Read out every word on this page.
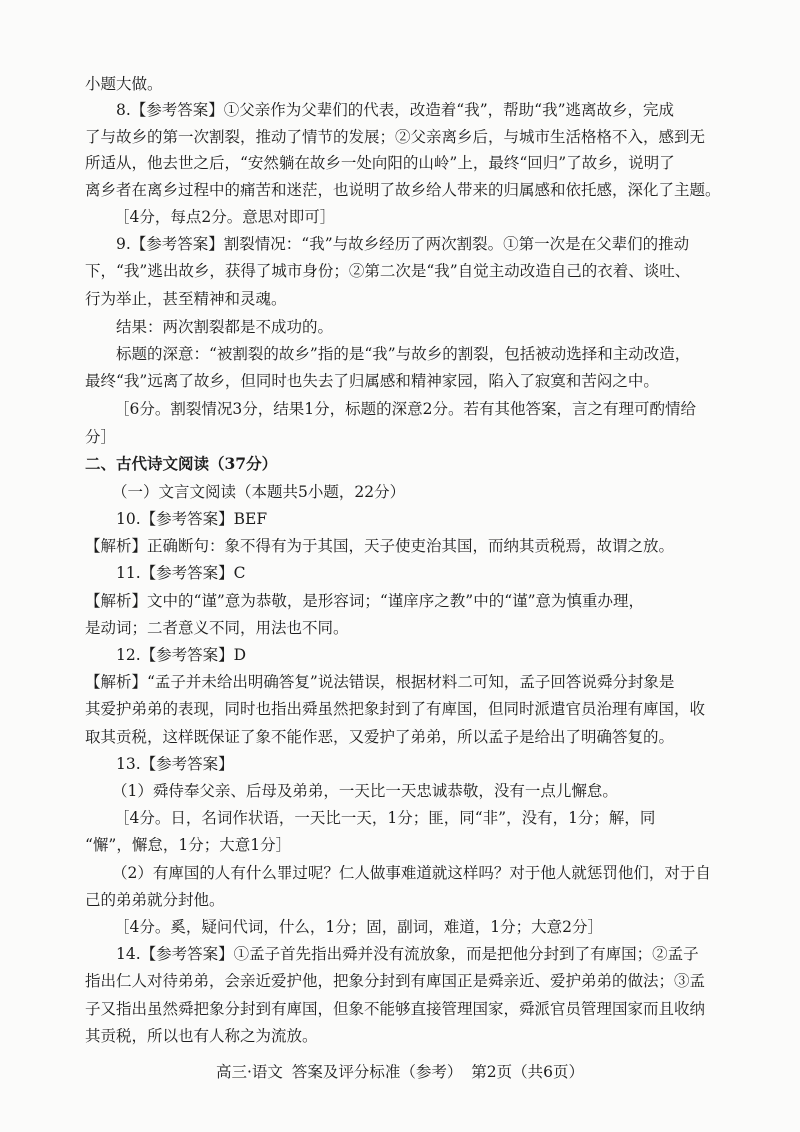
小题大做。
8.【参考答案】①父亲作为父辈们的代表，改造着“我”，帮助“我”逃离故乡，完成
了与故乡的第一次割裂，推动了情节的发展；②父亲离乡后，与城市生活格格不入，感到无
所适从，他去世之后，“安然躺在故乡一处向阳的山岭”上，最终“回归”了故乡，说明了
离乡者在离乡过程中的痛苦和迷茫，也说明了故乡给人带来的归属感和依托感，深化了主题。
［4分，每点2分。意思对即可］
9.【参考答案】割裂情况：“我”与故乡经历了两次割裂。①第一次是在父辈们的推动
下，“我”逃出故乡，获得了城市身份；②第二次是“我”自觉主动改造自己的衣着、谈吐、
行为举止，甚至精神和灵魂。
结果：两次割裂都是不成功的。
标题的深意：“被割裂的故乡”指的是“我”与故乡的割裂，包括被动选择和主动改造，
最终“我”远离了故乡，但同时也失去了归属感和精神家园，陷入了寂寞和苦闷之中。
［6分。割裂情况3分，结果1分，标题的深意2分。若有其他答案，言之有理可酌情给
分］
二、古代诗文阅读（37分）
（一）文言文阅读（本题共5小题，22分）
10.【参考答案】BEF
【解析】正确断句：象不得有为于其国，天子使吏治其国，而纳其贡税焉，故谓之放。
11.【参考答案】C
【解析】文中的“谨”意为恭敬，是形容词；“谨庠序之教”中的“谨”意为慎重办理，
是动词；二者意义不同，用法也不同。
12.【参考答案】D
【解析】“孟子并未给出明确答复”说法错误，根据材料二可知，孟子回答说舜分封象是
其爱护弟弟的表现，同时也指出舜虽然把象封到了有庳国，但同时派遣官员治理有庳国，收
取其贡税，这样既保证了象不能作恶，又爱护了弟弟，所以孟子是给出了明确答复的。
13.【参考答案】
（1）舜侍奉父亲、后母及弟弟，一天比一天忠诚恭敬，没有一点儿懈怠。
［4分。日，名词作状语，一天比一天，1分；匪，同“非”，没有，1分；解，同
“懈”，懈怠，1分；大意1分］
（2）有庳国的人有什么罪过呢？仁人做事难道就这样吗？对于他人就惩罚他们，对于自
己的弟弟就分封他。
［4分。奚，疑问代词，什么，1分；固，副词，难道，1分；大意2分］
14.【参考答案】①孟子首先指出舜并没有流放象，而是把他分封到了有庳国；②孟子
指出仁人对待弟弟，会亲近爱护他，把象分封到有庳国正是舜亲近、爱护弟弟的做法；③孟
子又指出虽然舜把象分封到有庳国，但象不能够直接管理国家，舜派官员管理国家而且收纳
其贡税，所以也有人称之为流放。
高三·语文 答案及评分标准（参考） 第2页（共6页）
